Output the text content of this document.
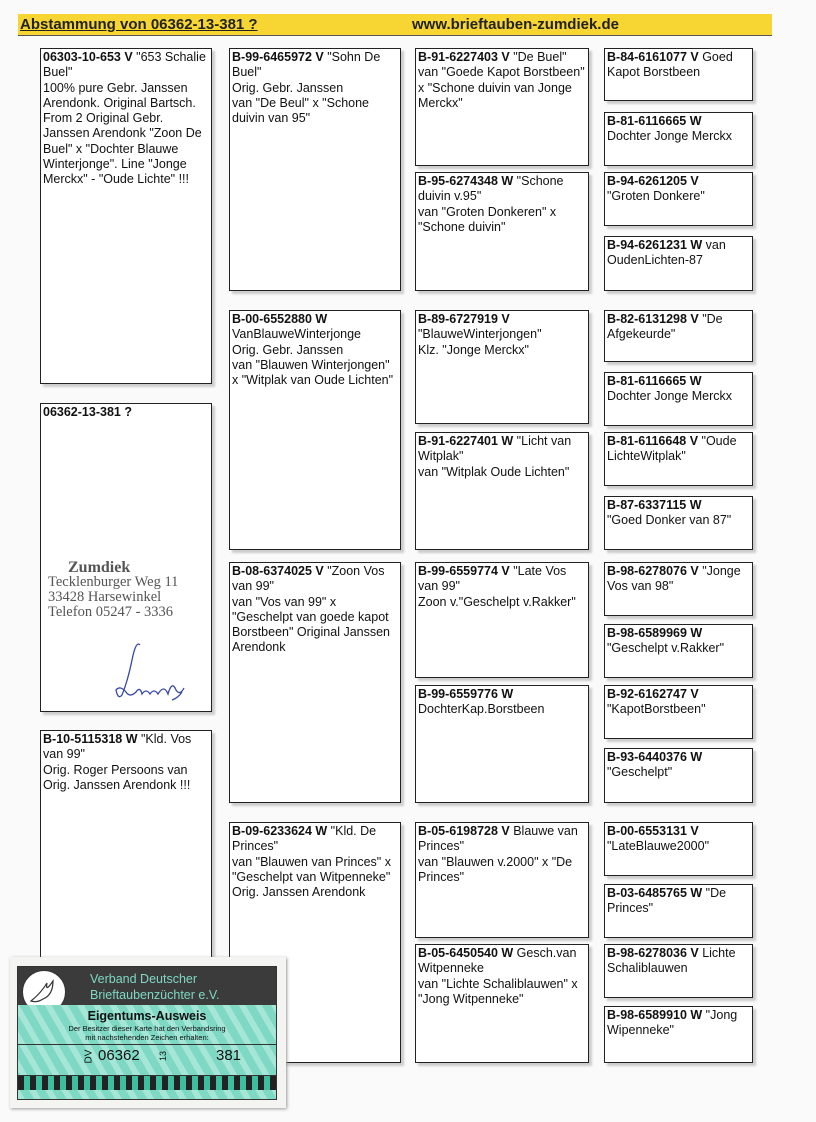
Abstammung von 06362-13-381 ?	www.brieftauben-zumdiek.de
06303-10-653 V "653 Schalie Buel"
100% pure Gebr. Janssen Arendonk. Original Bartsch. From 2 Original Gebr. Janssen Arendonk "Zoon De Buel" x "Dochter Blauwe Winterjonge". Line "Jonge Merckx" - "Oude Lichte" !!!
06362-13-381 ?
Zumdiek
Tecklenburger Weg 11
33428 Harsewinkel
Telefon 05247 - 3336
B-10-5115318 W "Kld. Vos van 99"
Orig. Roger Persoons van Orig. Janssen Arendonk !!!
B-99-6465972 V "Sohn De Buel"
Orig. Gebr. Janssen
van "De Beul" x "Schone duivin van 95"
B-00-6552880 W
VanBlauweWinterjonge
Orig. Gebr. Janssen
van "Blauwen Winterjongen" x "Witplak van Oude Lichten"
B-08-6374025 V "Zoon Vos van 99"
van "Vos van 99" x "Geschelpt van goede kapot Borstbeen" Original Janssen Arendonk
B-09-6233624 W "Kld. De Princes"
van "Blauwen van Princes" x "Geschelpt van Witpenneke" Orig. Janssen Arendonk
B-91-6227403 V "De Buel"
van "Goede Kapot Borstbeen" x "Schone duivin van Jonge Merckx"
B-95-6274348 W "Schone duivin v.95"
van "Groten Donkeren" x "Schone duivin"
B-89-6727919 V
"BlauweWinterjongen"
Klz. "Jonge Merckx"
B-91-6227401 W "Licht van Witplak"
van "Witplak Oude Lichten"
B-99-6559774 V "Late Vos van 99"
Zoon v."Geschelpt v.Rakker"
B-99-6559776 W
DochterKap.Borstbeen
B-05-6198728 V Blauwe van Princes"
van "Blauwen v.2000" x "De Princes"
B-05-6450540 W Gesch.van Witpenneke
van "Lichte Schaliblauwen" x "Jong Witpenneke"
B-84-6161077 V Goed Kapot Borstbeen
B-81-6116665 W
Dochter Jonge Merckx
B-94-6261205 V
"Groten Donkere"
B-94-6261231 W van OudenLichten-87
B-82-6131298 V "De Afgekeurde"
B-81-6116665 W
Dochter Jonge Merckx
B-81-6116648 V "Oude LichteWitplak"
B-87-6337115 W
"Goed Donker van 87"
B-98-6278076 V "Jonge Vos van 98"
B-98-6589969 W
"Geschelpt v.Rakker"
B-92-6162747 V
"KapotBorstbeen"
B-93-6440376 W
"Geschelpt"
B-00-6553131 V
"LateBlauwe2000"
B-03-6485765 W "De Princes"
B-98-6278036 V Lichte Schaliblauwen
B-98-6589910 W "Jong Wipenneke"
Verband Deutscher
Brieftaubenzüchter e.V.
Eigentums-Ausweis
Der Besitzer dieser Karte hat den Verbandsring
mit nachstehenden Zeichen erhalten:
DV 06362 13	381
